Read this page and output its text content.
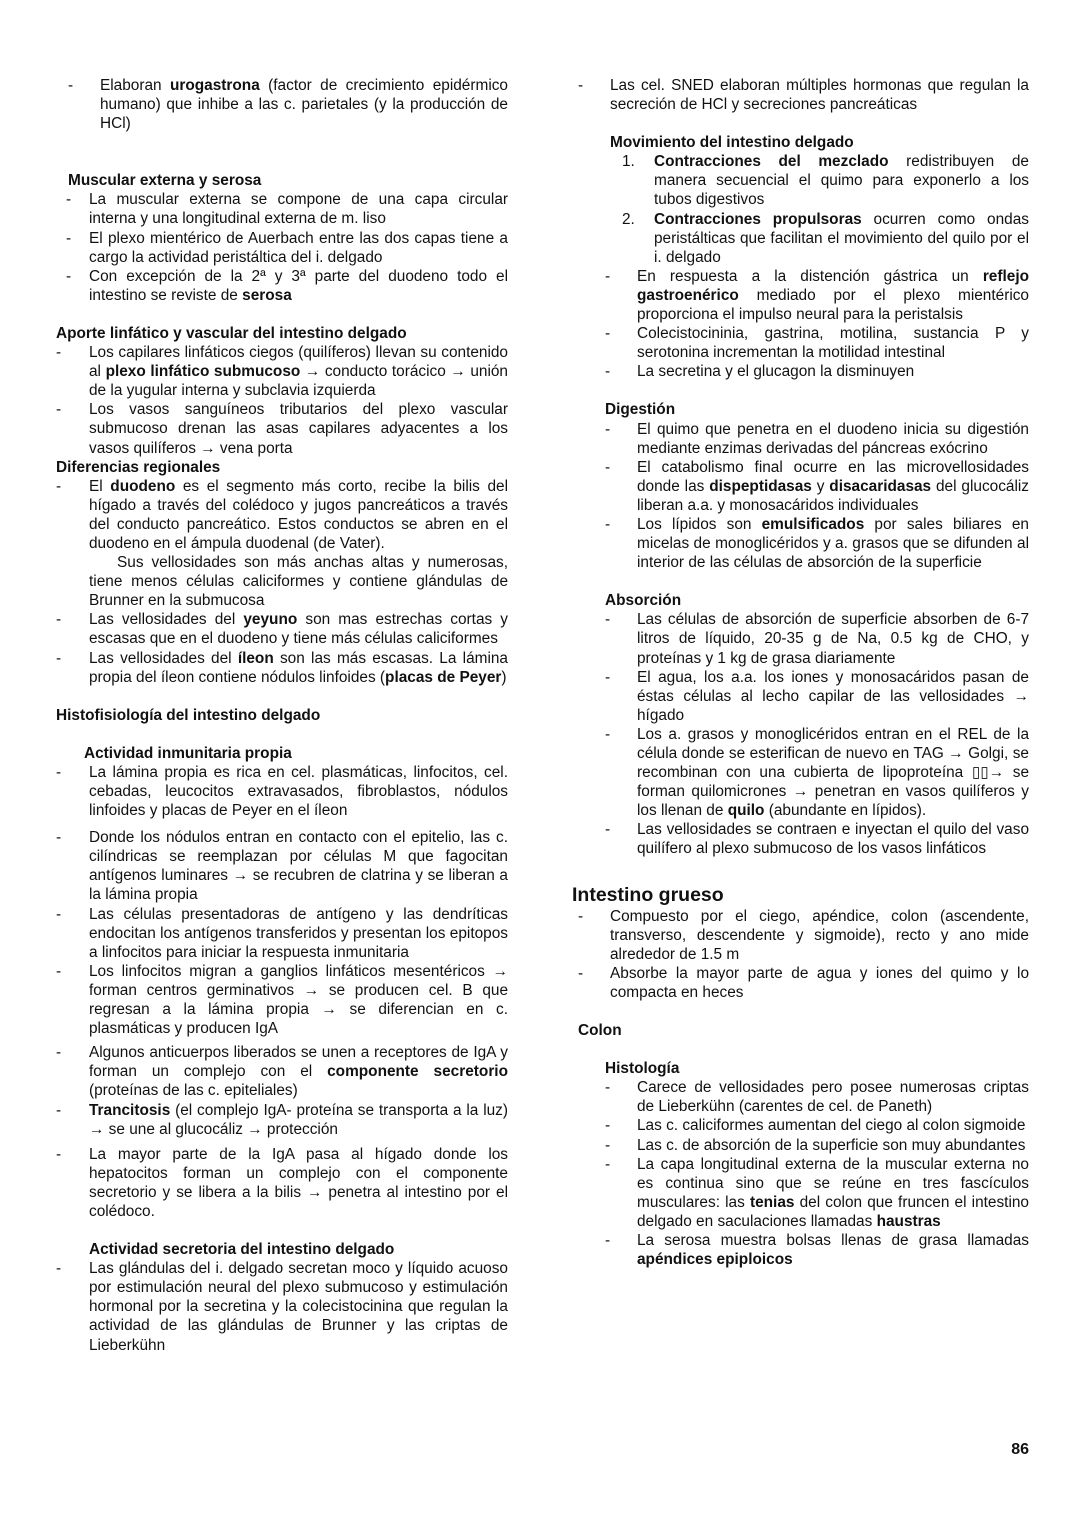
- Elaboran urogastrona (factor de crecimiento epidérmico humano) que inhibe a las c. parietales (y la producción de HCl)
Muscular externa y serosa
- La muscular externa se compone de una capa circular interna y una longitudinal externa de m. liso
- El plexo mientérico de Auerbach entre las dos capas tiene a cargo la actividad peristáltica del i. delgado
- Con excepción de la 2ª y 3ª parte del duodeno todo el intestino se reviste de serosa
Aporte linfático y vascular del intestino delgado
- Los capilares linfáticos ciegos (quilíferos) llevan su contenido al plexo linfático submucoso → conducto torácico → unión de la yugular interna y subclavia izquierda
- Los vasos sanguíneos tributarios del plexo vascular submucoso drenan las asas capilares adyacentes a los vasos quilíferos → vena porta
Diferencias regionales
- El duodeno es el segmento más corto, recibe la bilis del hígado a través del colédoco y jugos pancreáticos a través del conducto pancreático. Estos conductos se abren en el duodeno en el ámpula duodenal (de Vater).
Sus vellosidades son más anchas altas y numerosas, tiene menos células caliciformes y contiene glándulas de Brunner en la submucosa
- Las vellosidades del yeyuno son mas estrechas cortas y escasas que en el duodeno y tiene más células caliciformes
- Las vellosidades del íleon son las más escasas. La lámina propia del íleon contiene nódulos linfoides (placas de Peyer)
Histofisiología del intestino delgado
Actividad inmunitaria propia
- La lámina propia es rica en cel. plasmáticas, linfocitos, cel. cebadas, leucocitos extravasados, fibroblastos, nódulos linfoides y placas de Peyer en el íleon
- Donde los nódulos entran en contacto con el epitelio, las c. cilíndricas se reemplazan por células M que fagocitan antígenos luminares → se recubren de clatrina y se liberan a la lámina propia
- Las células presentadoras de antígeno y las dendríticas endocitan los antígenos transferidos y presentan los epitopos a linfocitos para iniciar la respuesta inmunitaria
- Los linfocitos migran a ganglios linfáticos mesentéricos → forman centros germinativos → se producen cel. B que regresan a la lámina propia → se diferencian en c. plasmáticas y producen IgA
- Algunos anticuerpos liberados se unen a receptores de IgA y forman un complejo con el componente secretorio (proteínas de las c. epiteliales)
- Trancitosis (el complejo IgA- proteína se transporta a la luz) → se une al glucocáliz → protección
- La mayor parte de la IgA pasa al hígado donde los hepatocitos forman un complejo con el componente secretorio y se libera a la bilis → penetra al intestino por el colédoco.
Actividad secretoria del intestino delgado
- Las glándulas del i. delgado secretan moco y líquido acuoso por estimulación neural del plexo submucoso y estimulación hormonal por la secretina y la colecistocinina que regulan la actividad de las glándulas de Brunner y las criptas de Lieberkühn
- Las cel. SNED elaboran múltiples hormonas que regulan la secreción de HCl y secreciones pancreáticas
Movimiento del intestino delgado
1. Contracciones del mezclado redistribuyen de manera secuencial el quimo para exponerlo a los tubos digestivos
2. Contracciones propulsoras ocurren como ondas peristálticas que facilitan el movimiento del quilo por el i. delgado
- En respuesta a la distención gástrica un reflejo gastroenérico mediado por el plexo mientérico proporciona el impulso neural para la peristalsis
- Colecistocininia, gastrina, motilina, sustancia P y serotonina incrementan la motilidad intestinal
- La secretina y el glucagon la disminuyen
Digestión
- El quimo que penetra en el duodeno inicia su digestión mediante enzimas derivadas del páncreas exócrino
- El catabolismo final ocurre en las microvellosidades donde las dispeptidasas y disacaridasas del glucocáliz liberan a.a. y monosacáridos individuales
- Los lípidos son emulsificados por sales biliares en micelas de monoglicéridos y a. grasos que se difunden al interior de las células de absorción de la superficie
Absorción
- Las células de absorción de superficie absorben de 6-7 litros de líquido, 20-35 g de Na, 0.5 kg de CHO, y proteínas y 1 kg de grasa diariamente
- El agua, los a.a. los iones y monosacáridos pasan de éstas células al lecho capilar de las vellosidades → hígado
- Los a. grasos y monoglicéridos entran en el REL de la célula donde se esterifican de nuevo en TAG → Golgi, se recombinan con una cubierta de lipoproteína ▯▯→ se forman quilomicrones → penetran en vasos quilíferos y los llenan de quilo (abundante en lípidos).
- Las vellosidades se contraen e inyectan el quilo del vaso quilífero al plexo submucoso de los vasos linfáticos
Intestino grueso
- Compuesto por el ciego, apéndice, colon (ascendente, transverso, descendente y sigmoide), recto y ano mide alrededor de 1.5 m
- Absorbe la mayor parte de agua y iones del quimo y lo compacta en heces
Colon
Histología
- Carece de vellosidades pero posee numerosas criptas de Lieberkühn (carentes de cel. de Paneth)
- Las c. caliciformes aumentan del ciego al colon sigmoide
- Las c. de absorción de la superficie son muy abundantes
- La capa longitudinal externa de la muscular externa no es continua sino que se reúne en tres fascículos musculares: las tenias del colon que fruncen el intestino delgado en saculaciones llamadas haustras
- La serosa muestra bolsas llenas de grasa llamadas apéndices epiploicos
86
